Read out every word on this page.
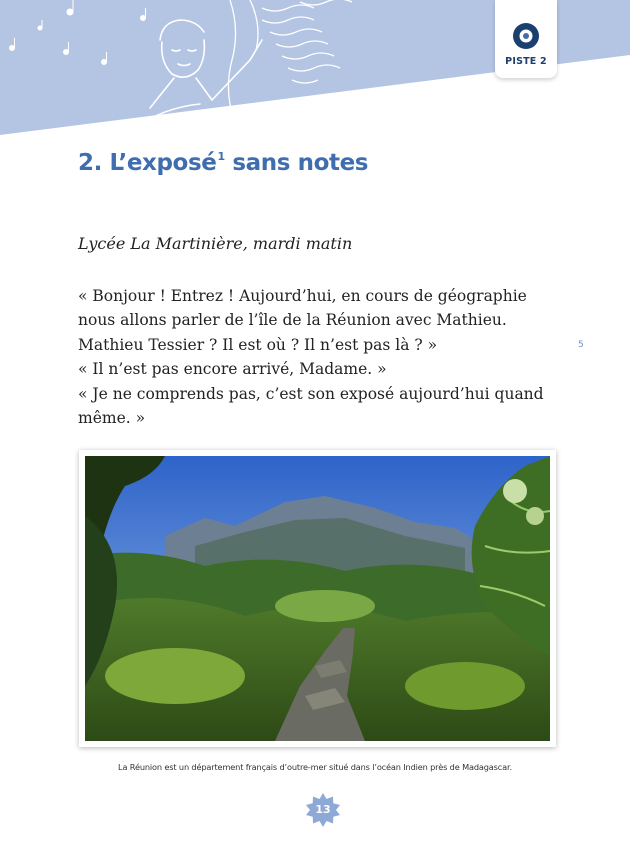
PISTE 2
2. L’exposé$^1$ sans notes

Lycée La Martinière, mardi matin

« Bonjour ! Entrez ! Aujourd’hui, en cours de géographie
nous allons parler de l’île de la Réunion avec Mathieu.
Mathieu Tessier ? Il est où ? Il n’est pas là ? »
« Il n’est pas encore arrivé, Madame. »
« Je ne comprends pas, c’est son exposé aujourd’hui quand
même. »
5

La Réunion est un département français d’outre-mer situé dans l’océan Indien près de Madagascar.

13
